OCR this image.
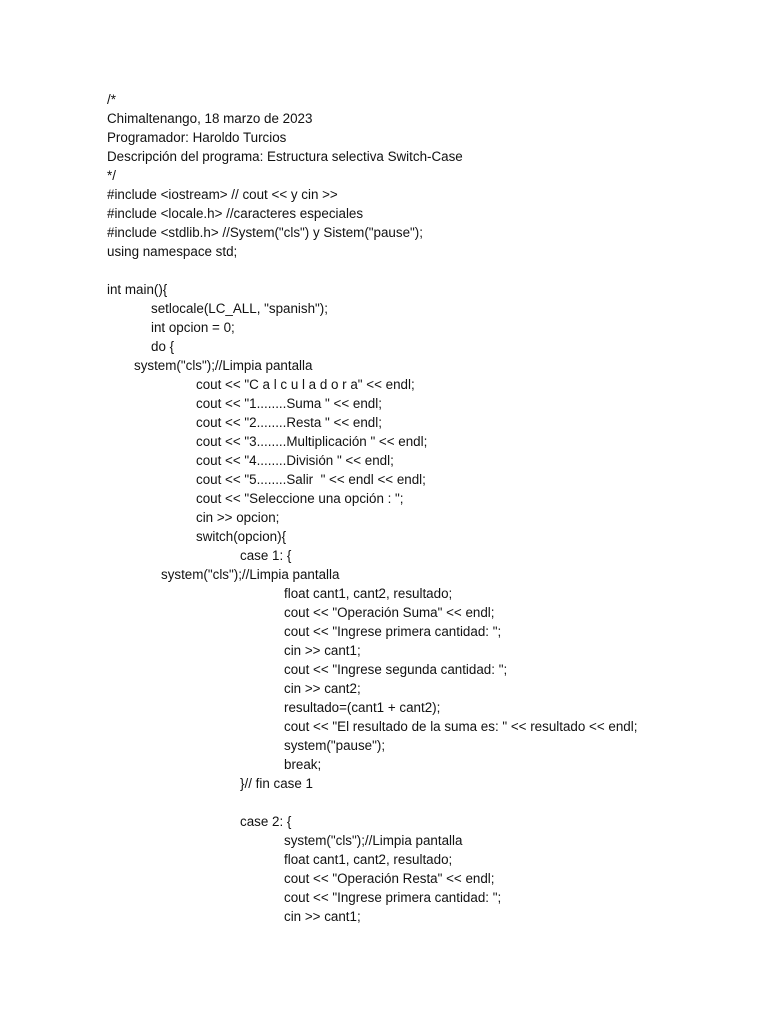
/*
Chimaltenango, 18 marzo de 2023
Programador: Haroldo Turcios
Descripción del programa: Estructura selectiva Switch-Case
*/
#include <iostream> // cout << y cin >>
#include <locale.h> //caracteres especiales
#include <stdlib.h> //System("cls") y Sistem("pause");
using namespace std;
int main(){
setlocale(LC_ALL, "spanish");
int opcion = 0;
do {
system("cls");//Limpia pantalla
cout << "C a l c u l a d o r a" << endl;
cout << "1........Suma " << endl;
cout << "2........Resta " << endl;
cout << "3........Multiplicación " << endl;
cout << "4........División " << endl;
cout << "5........Salir  " << endl << endl;
cout << "Seleccione una opción : ";
cin >> opcion;
switch(opcion){
case 1: {
system("cls");//Limpia pantalla
float cant1, cant2, resultado;
cout << "Operación Suma" << endl;
cout << "Ingrese primera cantidad: ";
cin >> cant1;
cout << "Ingrese segunda cantidad: ";
cin >> cant2;
resultado=(cant1 + cant2);
cout << "El resultado de la suma es: " << resultado << endl;
system("pause");
break;
}// fin case 1
case 2: {
system("cls");//Limpia pantalla
float cant1, cant2, resultado;
cout << "Operación Resta" << endl;
cout << "Ingrese primera cantidad: ";
cin >> cant1;
